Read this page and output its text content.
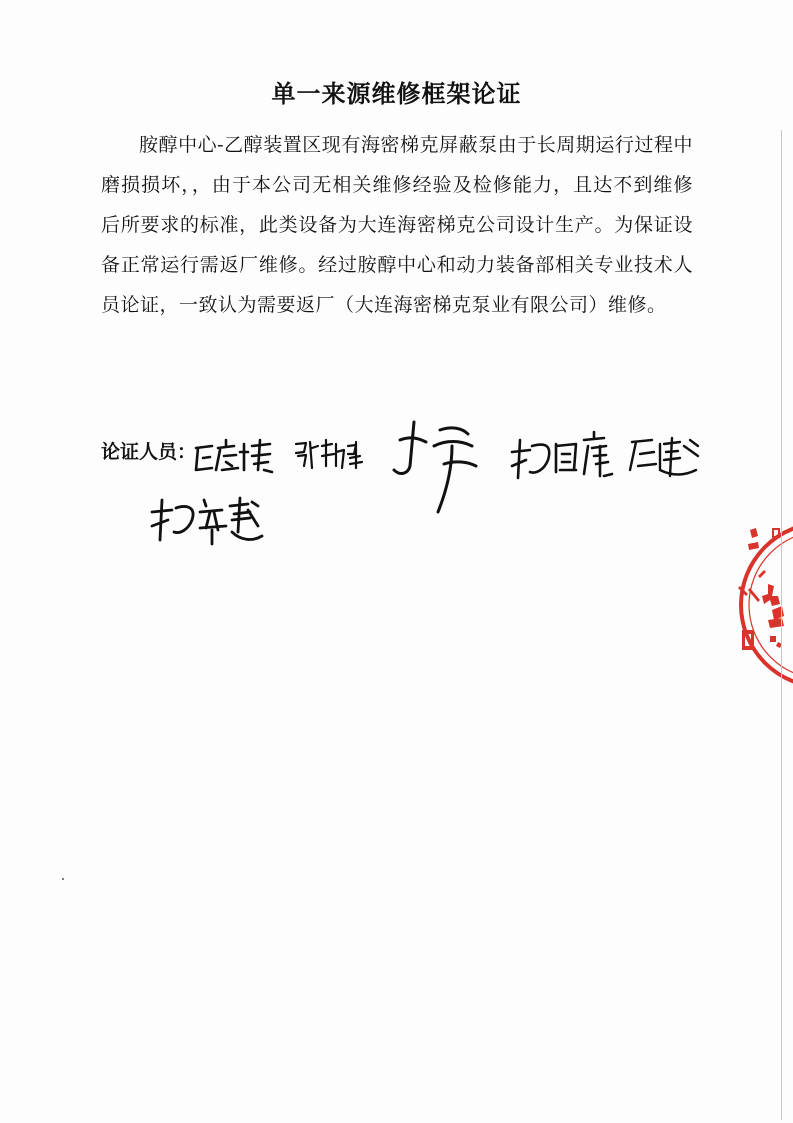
单一来源维修框架论证

胺醇中心-乙醇装置区现有海密梯克屏蔽泵由于长周期运行过程中磨损损坏，，由于本公司无相关维修经验及检修能力，且达不到维修后所要求的标准，此类设备为大连海密梯克公司设计生产。为保证设备正常运行需返厂维修。经过胺醇中心和动力装备部相关专业技术人员论证，一致认为需要返厂（大连海密梯克泵业有限公司）维修。

论证人员：
